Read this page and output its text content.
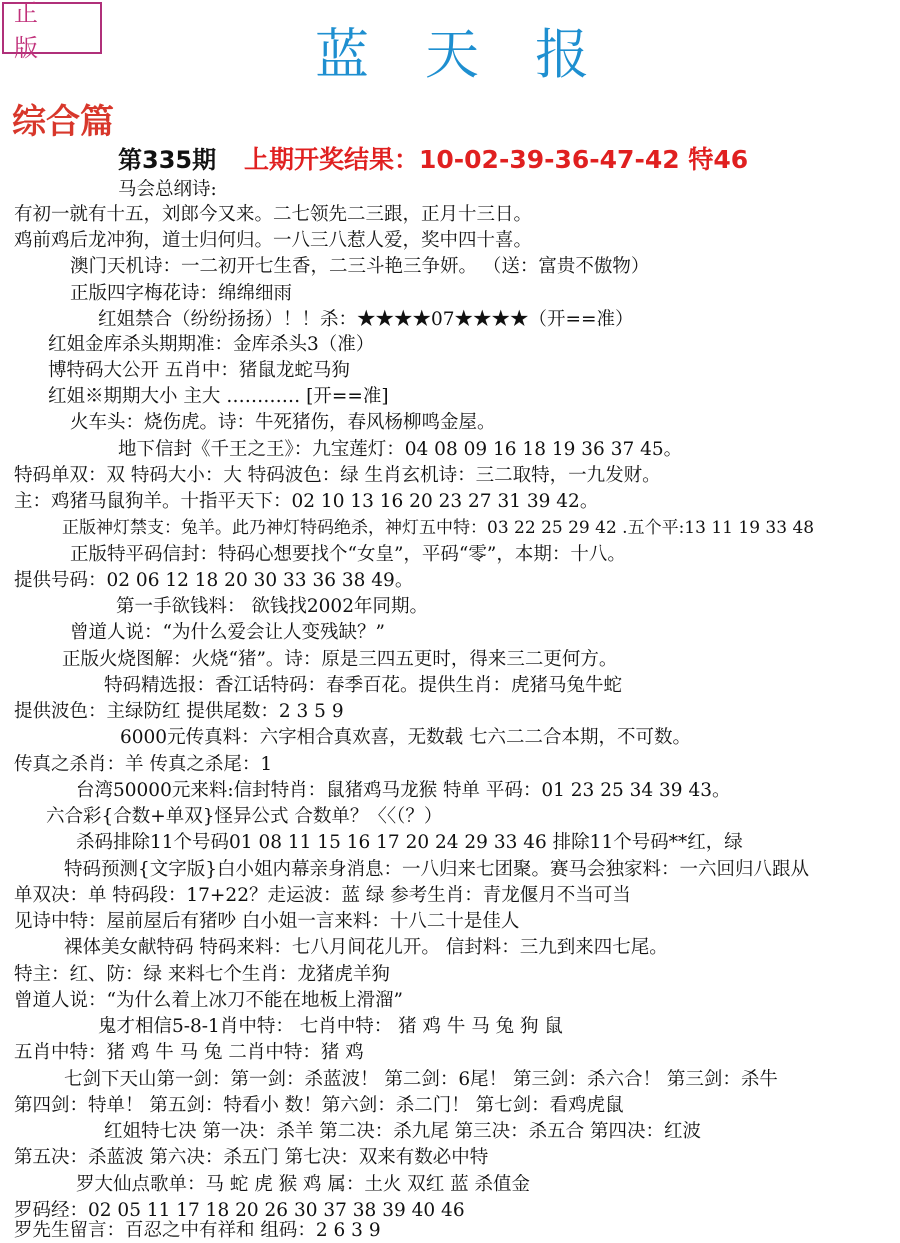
正 版	蓝天报
综合篇
第335期 上期开奖结果：10-02-39-36-47-42 特46
马会总纲诗:
有初一就有十五，刘郎今又来。二七领先二三跟，正月十三日。
鸡前鸡后龙冲狗，道士归何归。一八三八惹人爱，奖中四十喜。
澳门天机诗：一二初开七生香，二三斗艳三争妍。 （送：富贵不傲物）
正版四字梅花诗：绵绵细雨
红姐禁合（纷纷扬扬）！！杀：★★★★07★★★★（开==准）
红姐金库杀头期期准：金库杀头3（准）
博特码大公开 五肖中：猪鼠龙蛇马狗
红姐※期期大小 主大 ………… [开==准]
火车头：烧伤虎。诗：牛死猪伤，春风杨柳鸣金屋。
地下信封《千王之王》：九宝莲灯：04 08 09 16 18 19 36 37 45。
特码单双：双 特码大小：大 特码波色：绿 生肖玄机诗：三二取特，一九发财。
主：鸡猪马鼠狗羊。十指平天下：02 10 13 16 20 23 27 31 39 42。
正版神灯禁支：兔羊。此乃神灯特码绝杀，神灯五中特：03 22 25 29 42 .五个平:13 11 19 33 48
正版特平码信封：特码心想要找个“女皇”，平码“零”，本期：十八。
提供号码：02 06 12 18 20 30 33 36 38 49。
第一手欲钱料： 欲钱找2002年同期。
曾道人说：“为什么爱会让人变残缺？”
正版火烧图解：火烧“猪”。诗：原是三四五更时，得来三二更何方。
特码精选报：香江话特码：春季百花。提供生肖：虎猪马兔牛蛇
提供波色：主绿防红 提供尾数：2 3 5 9
6000元传真料：六字相合真欢喜，无数载 七六二二合本期，不可数。
传真之杀肖：羊 传真之杀尾：1
台湾50000元来料:信封特肖：鼠猪鸡马龙猴 特单 平码：01 23 25 34 39 43。
六合彩{合数+单双}怪异公式 合数单？〈〈（？）
杀码排除11个号码01 08 11 15 16 17 20 24 29 33 46 排除11个号码**红，绿
特码预测{文字版}白小姐内幕亲身消息：一八归来七团聚。赛马会独家料：一六回归八跟从
单双决：单 特码段：17+22？走运波：蓝 绿 参考生肖：青龙偃月不当可当
见诗中特：屋前屋后有猪吵 白小姐一言来料：十八二十是佳人
裸体美女献特码 特码来料：七八月间花儿开。 信封料：三九到来四七尾。
特主：红、防：绿 来料七个生肖：龙猪虎羊狗
曾道人说：“为什么着上冰刀不能在地板上滑溜”
鬼才相信5-8-1肖中特： 七肖中特： 猪 鸡 牛 马 兔 狗 鼠
五肖中特：猪 鸡 牛 马 兔 二肖中特：猪 鸡
七剑下天山第一剑：第一剑：杀蓝波！ 第二剑：6尾！ 第三剑：杀六合！ 第三剑：杀牛
第四剑：特单！ 第五剑：特看小 数！第六剑：杀二门！ 第七剑：看鸡虎鼠
红姐特七决 第一决：杀羊 第二决：杀九尾 第三决：杀五合 第四决：红波
第五决：杀蓝波 第六决：杀五门 第七决：双来有数必中特
罗大仙点歌单：马 蛇 虎 猴 鸡 属：土火 双红 蓝 杀值金
罗码经：02 05 11 17 18 20 26 30 37 38 39 40 46
罗先生留言：百忍之中有祥和 组码：2 6 3 9
